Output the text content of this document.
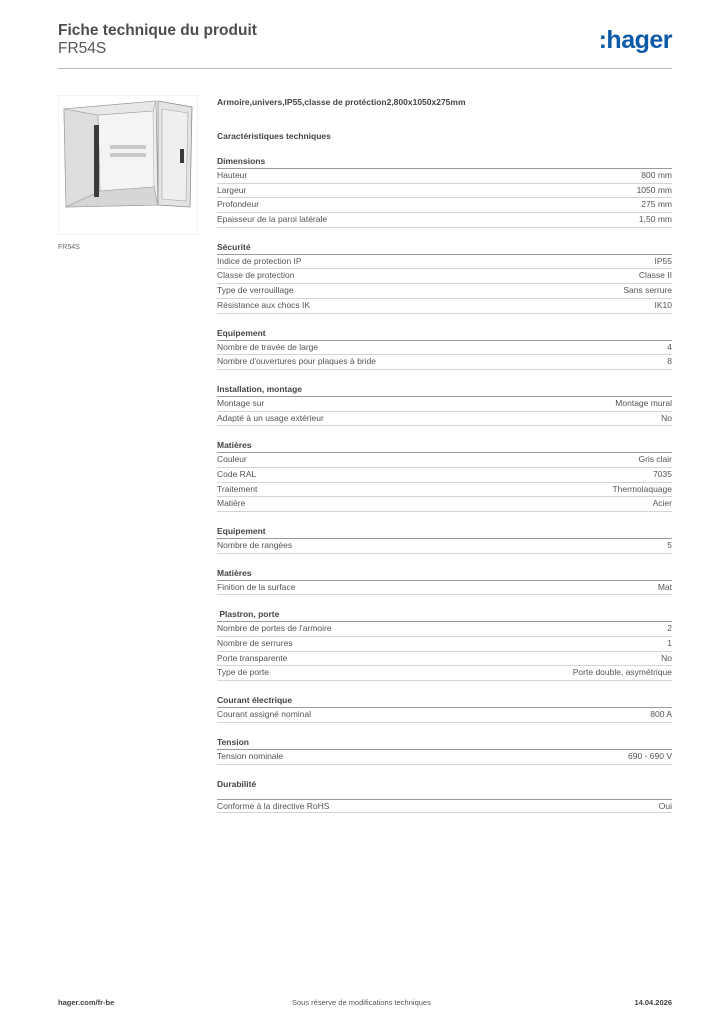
Fiche technique du produit
FR54S	:hager
FR54S
Armoire,univers,IP55,classe de protéction2,800x1050x275mm
Caractéristiques techniques
Dimensions
Hauteur	800 mm
Largeur	1050 mm
Profondeur	275 mm
Epaisseur de la paroi latérale	1,50 mm
Sécurité
Indice de protection IP	IP55
Classe de protection	Classe II
Type de verrouillage	Sans serrure
Résistance aux chocs IK	IK10
Equipement
Nombre de travée de large	4
Nombre d'ouvertures pour plaques à bride	8
Installation, montage
Montage sur	Montage mural
Adapté à un usage extérieur	No
Matières
Couleur	Gris clair
Code RAL	7035
Traitement	Thermolaquage
Matière	Acier
Equipement
Nombre de rangées	5
Matières
Finition de la surface	Mat
Plastron, porte
Nombre de portes de l'armoire	2
Nombre de serrures	1
Porte transparente	No
Type de porte	Porte double, asymétrique
Courant électrique
Courant assigné nominal	800 A
Tension
Tension nominale	690 - 690 V
Durabilité
Conforme à la directive RoHS	Oui
hager.com/fr-be	Sous réserve de modifications techniques	14.04.2026
